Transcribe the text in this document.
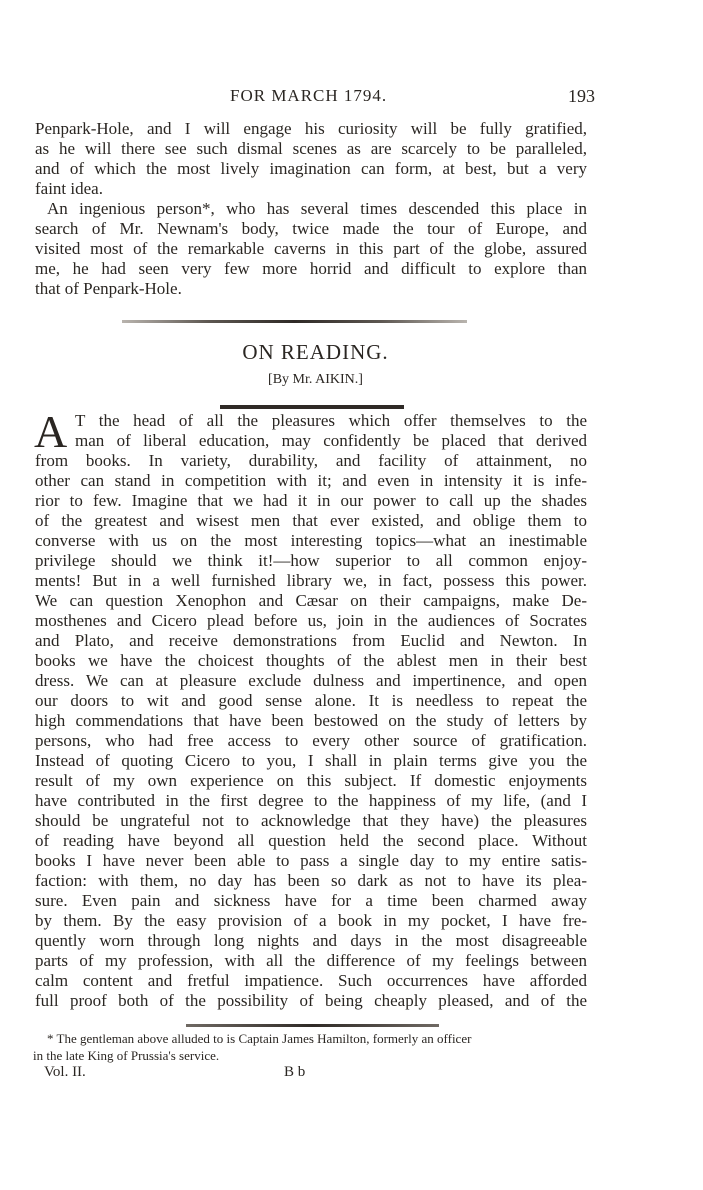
FOR MARCH 1794.	193
Penpark-Hole, and I will engage his curiosity will be fully gratified,
as he will there see such dismal scenes as are scarcely to be paralleled,
and of which the most lively imagination can form, at best, but a very
faint idea.
An ingenious person*, who has several times descended this place in
search of Mr. Newnam's body, twice made the tour of Europe, and
visited most of the remarkable caverns in this part of the globe, assured
me, he had seen very few more horrid and difficult to explore than
that of Penpark-Hole.
ON READING.
[By Mr. AIKIN.]
A T the head of all the pleasures which offer themselves to the
man of liberal education, may confidently be placed that derived
from books. In variety, durability, and facility of attainment, no
other can stand in competition with it; and even in intensity it is infe-
rior to few. Imagine that we had it in our power to call up the shades
of the greatest and wisest men that ever existed, and oblige them to
converse with us on the most interesting topics—what an inestimable
privilege should we think it!—how superior to all common enjoy-
ments! But in a well furnished library we, in fact, possess this power.
We can question Xenophon and Cæsar on their campaigns, make De-
mosthenes and Cicero plead before us, join in the audiences of Socrates
and Plato, and receive demonstrations from Euclid and Newton. In
books we have the choicest thoughts of the ablest men in their best
dress. We can at pleasure exclude dulness and impertinence, and open
our doors to wit and good sense alone. It is needless to repeat the
high commendations that have been bestowed on the study of letters by
persons, who had free access to every other source of gratification.
Instead of quoting Cicero to you, I shall in plain terms give you the
result of my own experience on this subject. If domestic enjoyments
have contributed in the first degree to the happiness of my life, (and I
should be ungrateful not to acknowledge that they have) the pleasures
of reading have beyond all question held the second place. Without
books I have never been able to pass a single day to my entire satis-
faction: with them, no day has been so dark as not to have its plea-
sure. Even pain and sickness have for a time been charmed away
by them. By the easy provision of a book in my pocket, I have fre-
quently worn through long nights and days in the most disagreeable
parts of my profession, with all the difference of my feelings between
calm content and fretful impatience. Such occurrences have afforded
full proof both of the possibility of being cheaply pleased, and of the
* The gentleman above alluded to is Captain James Hamilton, formerly an officer
in the late King of Prussia's service.
Vol. II.	B b
